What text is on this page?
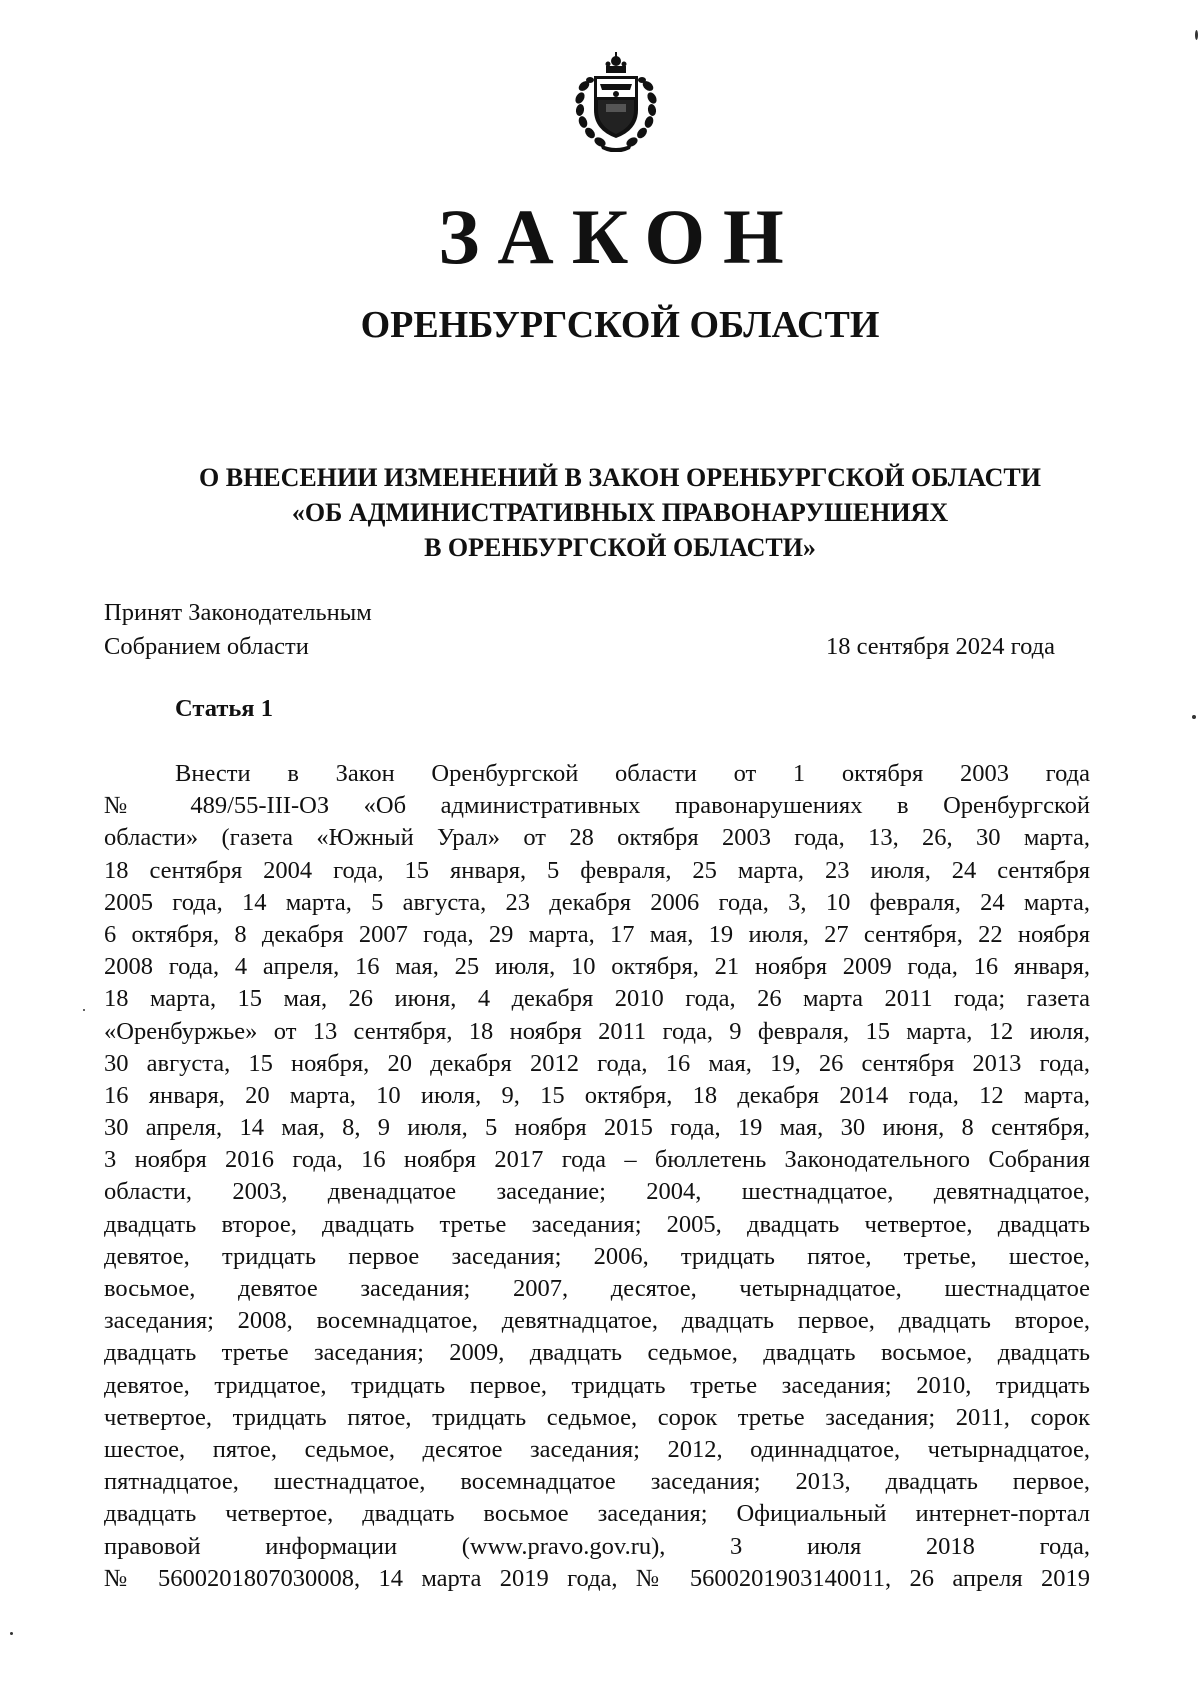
ЗАКОН
ОРЕНБУРГСКОЙ ОБЛАСТИ
О ВНЕСЕНИИ ИЗМЕНЕНИЙ В ЗАКОН ОРЕНБУРГСКОЙ ОБЛАСТИ
«ОБ АДМИНИСТРАТИВНЫХ ПРАВОНАРУШЕНИЯХ
В ОРЕНБУРГСКОЙ ОБЛАСТИ»
Принят Законодательным
Собранием области	18 сентября 2024 года
Статья 1
Внести в Закон Оренбургской области от 1 октября 2003 года
№ 489/55-III-ОЗ «Об административных правонарушениях в Оренбургской
области» (газета «Южный Урал» от 28 октября 2003 года, 13, 26, 30 марта,
18 сентября 2004 года, 15 января, 5 февраля, 25 марта, 23 июля, 24 сентября
2005 года, 14 марта, 5 августа, 23 декабря 2006 года, 3, 10 февраля, 24 марта,
6 октября, 8 декабря 2007 года, 29 марта, 17 мая, 19 июля, 27 сентября, 22 ноября
2008 года, 4 апреля, 16 мая, 25 июля, 10 октября, 21 ноября 2009 года, 16 января,
18 марта, 15 мая, 26 июня, 4 декабря 2010 года, 26 марта 2011 года; газета
«Оренбуржье» от 13 сентября, 18 ноября 2011 года, 9 февраля, 15 марта, 12 июля,
30 августа, 15 ноября, 20 декабря 2012 года, 16 мая, 19, 26 сентября 2013 года,
16 января, 20 марта, 10 июля, 9, 15 октября, 18 декабря 2014 года, 12 марта,
30 апреля, 14 мая, 8, 9 июля, 5 ноября 2015 года, 19 мая, 30 июня, 8 сентября,
3 ноября 2016 года, 16 ноября 2017 года – бюллетень Законодательного Собрания
области, 2003, двенадцатое заседание; 2004, шестнадцатое, девятнадцатое,
двадцать второе, двадцать третье заседания; 2005, двадцать четвертое, двадцать
девятое, тридцать первое заседания; 2006, тридцать пятое, третье, шестое,
восьмое, девятое заседания; 2007, десятое, четырнадцатое, шестнадцатое
заседания; 2008, восемнадцатое, девятнадцатое, двадцать первое, двадцать второе,
двадцать третье заседания; 2009, двадцать седьмое, двадцать восьмое, двадцать
девятое, тридцатое, тридцать первое, тридцать третье заседания; 2010, тридцать
четвертое, тридцать пятое, тридцать седьмое, сорок третье заседания; 2011, сорок
шестое, пятое, седьмое, десятое заседания; 2012, одиннадцатое, четырнадцатое,
пятнадцатое, шестнадцатое, восемнадцатое заседания; 2013, двадцать первое,
двадцать четвертое, двадцать восьмое заседания; Официальный интернет-портал
правовой информации (www.pravo.gov.ru), 3 июля 2018 года,
№ 5600201807030008, 14 марта 2019 года, № 5600201903140011, 26 апреля 2019
